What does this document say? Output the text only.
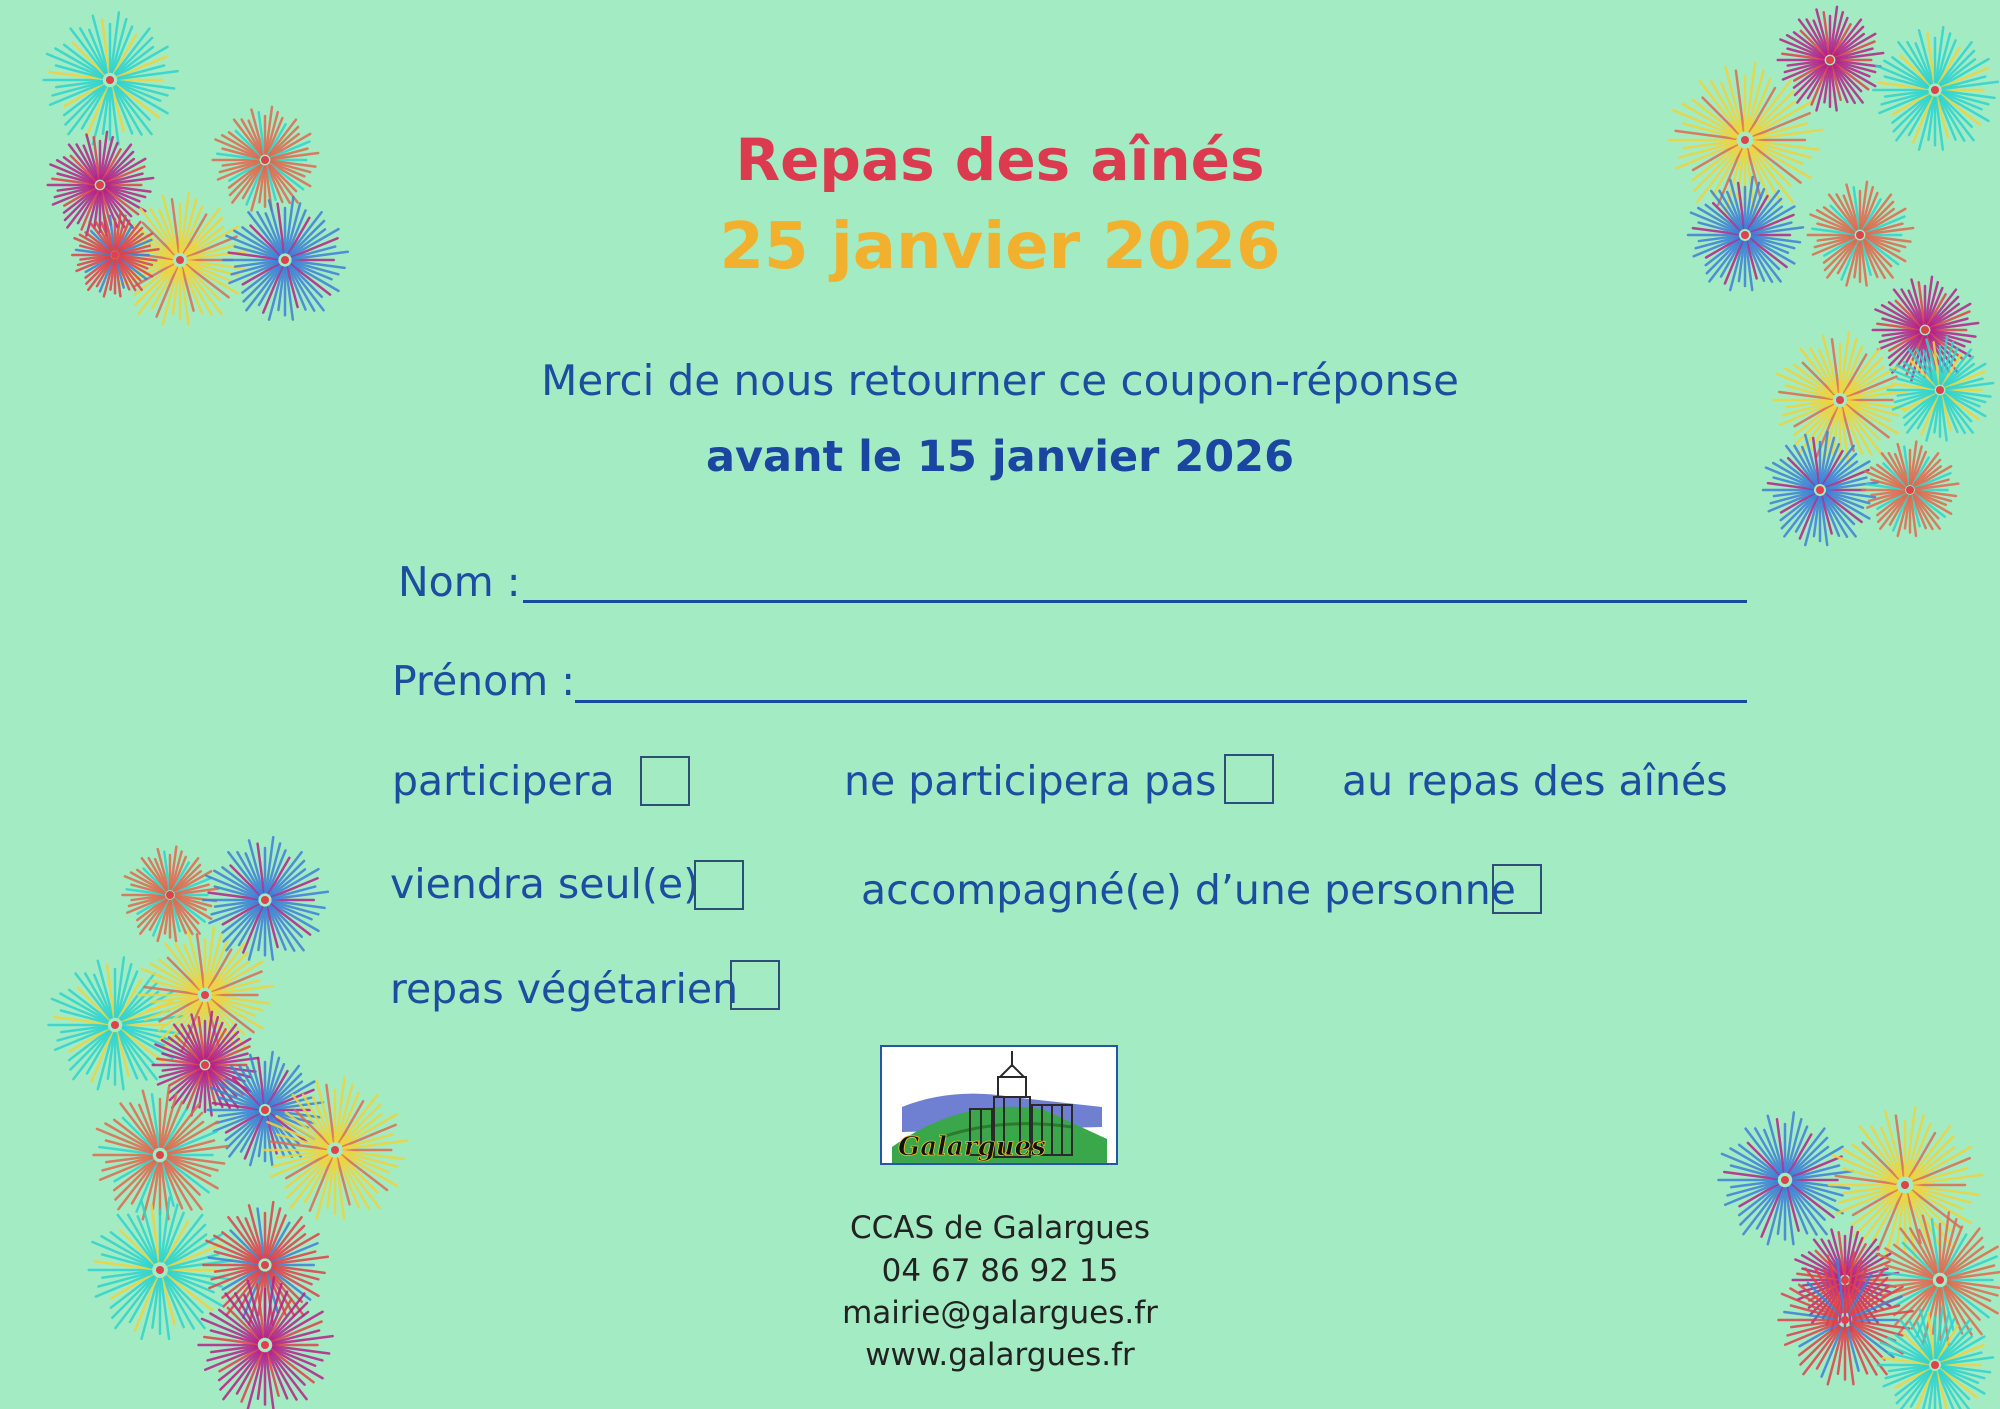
Repas des aînés
25 janvier 2026
Merci de nous retourner ce coupon-réponse
avant le 15 janvier 2026
Nom :
Prénom :
participera	ne participera pas	au repas des aînés
viendra seul(e)	accompagné(e) d’une personne
repas végétarien
Galargues
CCAS de Galargues
04 67 86 92 15
mairie@galargues.fr
www.galargues.fr
